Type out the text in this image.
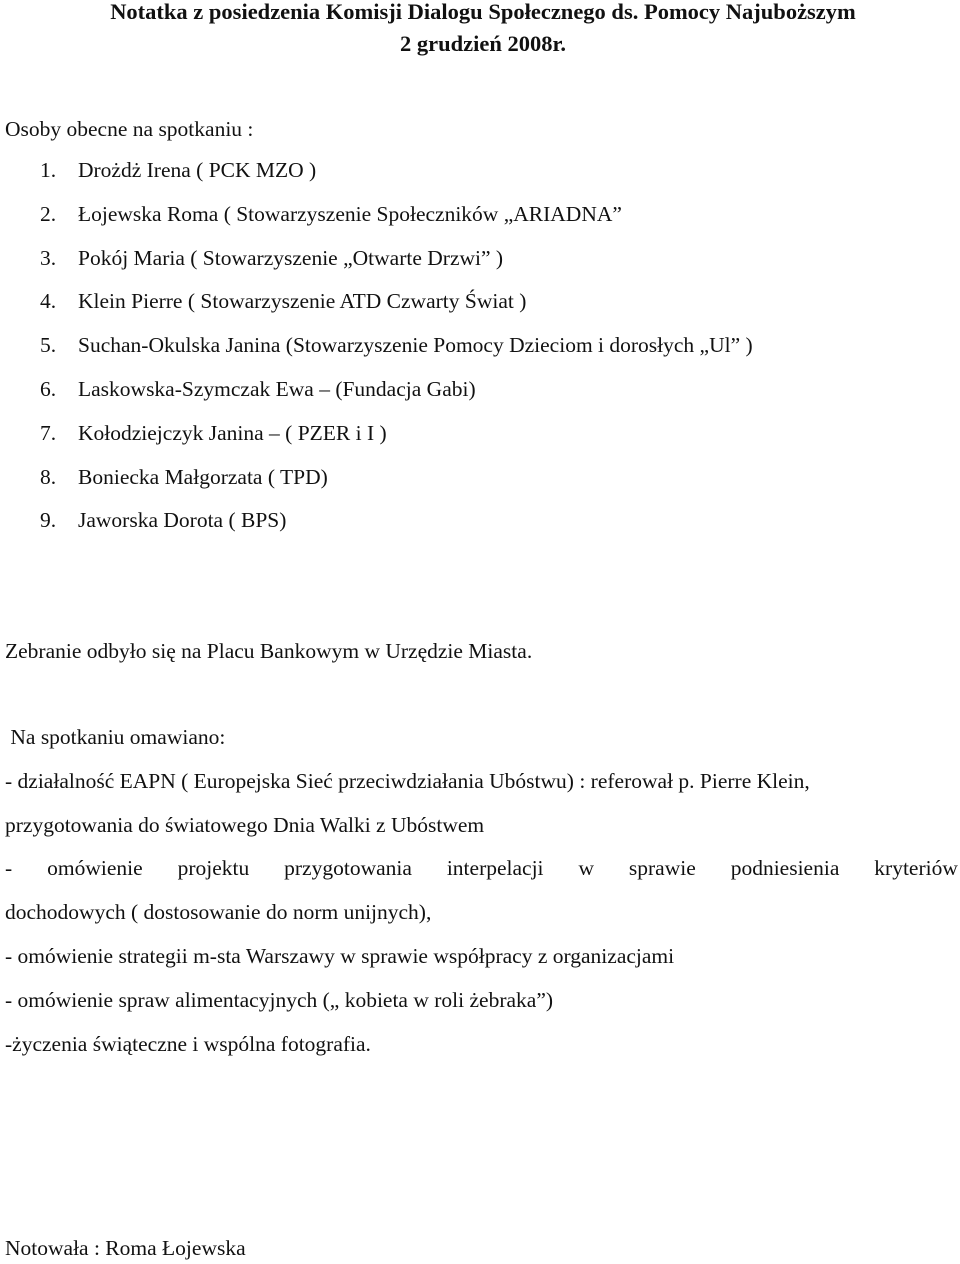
Notatka z posiedzenia Komisji Dialogu Społecznego ds. Pomocy Najuboższym
2 grudzień 2008r.
Osoby obecne na spotkaniu :
1.	Drożdż Irena ( PCK MZO )
2.	Łojewska Roma ( Stowarzyszenie Społeczników „ARIADNA”
3.	Pokój Maria ( Stowarzyszenie „Otwarte Drzwi” )
4.	Klein Pierre ( Stowarzyszenie ATD Czwarty Świat )
5.	Suchan-Okulska Janina (Stowarzyszenie Pomocy Dzieciom i dorosłych „Ul” )
6.	Laskowska-Szymczak Ewa – (Fundacja Gabi)
7.	Kołodziejczyk Janina – ( PZER i I )
8.	Boniecka Małgorzata ( TPD)
9.	Jaworska Dorota ( BPS)
Zebranie odbyło się na Placu Bankowym w Urzędzie Miasta.
Na spotkaniu omawiano:
- działalność EAPN ( Europejska Sieć przeciwdziałania Ubóstwu) : referował p. Pierre Klein,
przygotowania do światowego Dnia Walki z Ubóstwem
- omówienie projektu przygotowania interpelacji w sprawie podniesienia kryteriów
dochodowych ( dostosowanie do norm unijnych),
- omówienie strategii m-sta Warszawy w sprawie współpracy z organizacjami
- omówienie spraw alimentacyjnych („ kobieta w roli żebraka”)
-życzenia świąteczne i wspólna fotografia.
Notowała : Roma Łojewska
